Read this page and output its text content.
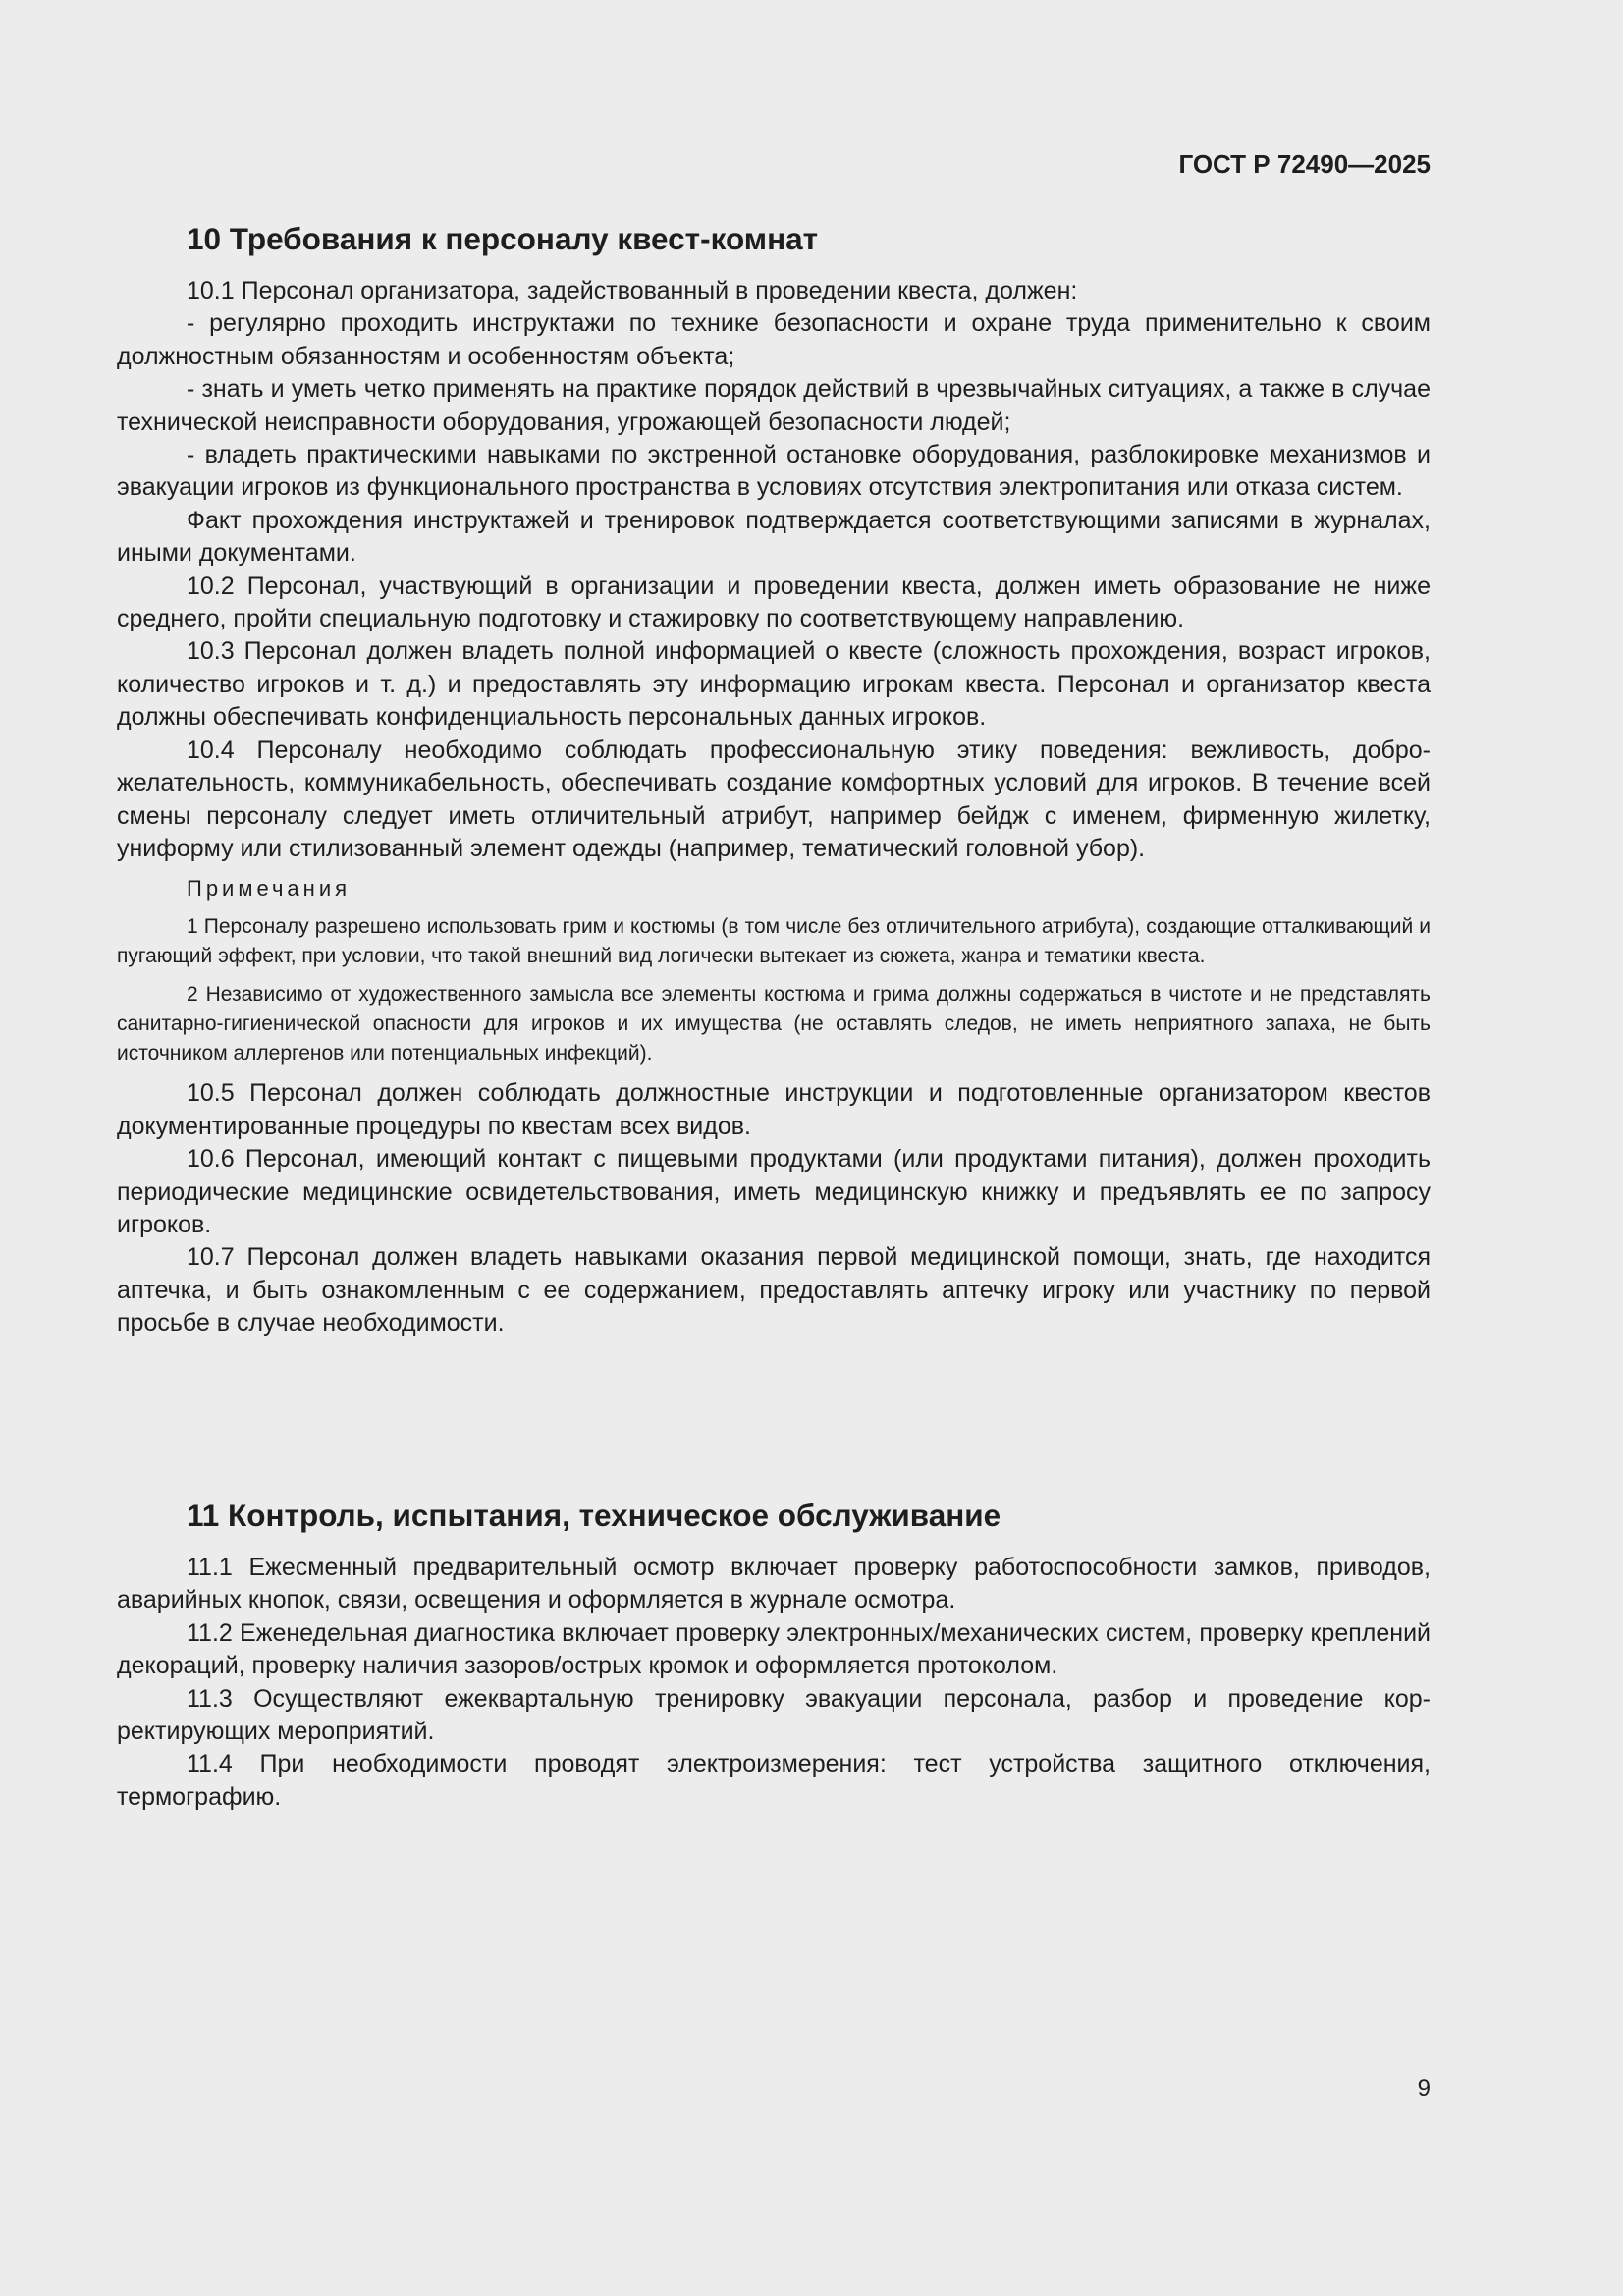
ГОСТ Р 72490—2025
10 Требования к персоналу квест-комнат

10.1 Персонал организатора, задействованный в проведении квеста, должен:

- регулярно проходить инструктажи по технике безопасности и охране труда применительно к своим должностным обязанностям и особенностям объекта;

- знать и уметь четко применять на практике порядок действий в чрезвычайных ситуациях, а также в случае технической неисправности оборудования, угрожающей безопасности людей;

- владеть практическими навыками по экстренной остановке оборудования, разблокировке механизмов и эвакуации игроков из функционального пространства в условиях отсутствия электропитания или отказа систем.

Факт прохождения инструктажей и тренировок подтверждается соответствующими записями в журналах, иными документами.

10.2 Персонал, участвующий в организации и проведении квеста, должен иметь образование не ниже среднего, пройти специальную подготовку и стажировку по соответствующему направлению.

10.3 Персонал должен владеть полной информацией о квесте (сложность прохождения, возраст игроков, количество игроков и т. д.) и предоставлять эту информацию игрокам квеста. Персонал и организатор квеста должны обеспечивать конфиденциальность персональных данных игроков.

10.4 Персоналу необходимо соблюдать профессиональную этику поведения: вежливость, доброжелательность, коммуникабельность, обеспечивать создание комфортных условий для игроков. В течение всей смены персоналу следует иметь отличительный атрибут, например бейдж с именем, фирменную жилетку, униформу или стилизованный элемент одежды (например, тематический головной убор).

Примечания

1 Персоналу разрешено использовать грим и костюмы (в том числе без отличительного атрибута), создающие отталкивающий и пугающий эффект, при условии, что такой внешний вид логически вытекает из сюжета, жанра и тематики квеста.

2 Независимо от художественного замысла все элементы костюма и грима должны содержаться в чистоте и не представлять санитарно-гигиенической опасности для игроков и их имущества (не оставлять следов, не иметь неприятного запаха, не быть источником аллергенов или потенциальных инфекций).

10.5 Персонал должен соблюдать должностные инструкции и подготовленные организатором квестов документированные процедуры по квестам всех видов.

10.6 Персонал, имеющий контакт с пищевыми продуктами (или продуктами питания), должен проходить периодические медицинские освидетельствования, иметь медицинскую книжку и предъявлять ее по запросу игроков.

10.7 Персонал должен владеть навыками оказания первой медицинской помощи, знать, где находится аптечка, и быть ознакомленным с ее содержанием, предоставлять аптечку игроку или участнику по первой просьбе в случае необходимости.

11 Контроль, испытания, техническое обслуживание

11.1 Ежесменный предварительный осмотр включает проверку работоспособности замков, приводов, аварийных кнопок, связи, освещения и оформляется в журнале осмотра.

11.2 Еженедельная диагностика включает проверку электронных/механических систем, проверку креплений декораций, проверку наличия зазоров/острых кромок и оформляется протоколом.

11.3 Осуществляют ежеквартальную тренировку эвакуации персонала, разбор и проведение корректирующих мероприятий.

11.4 При необходимости проводят электроизмерения: тест устройства защитного отключения, термографию.

9
